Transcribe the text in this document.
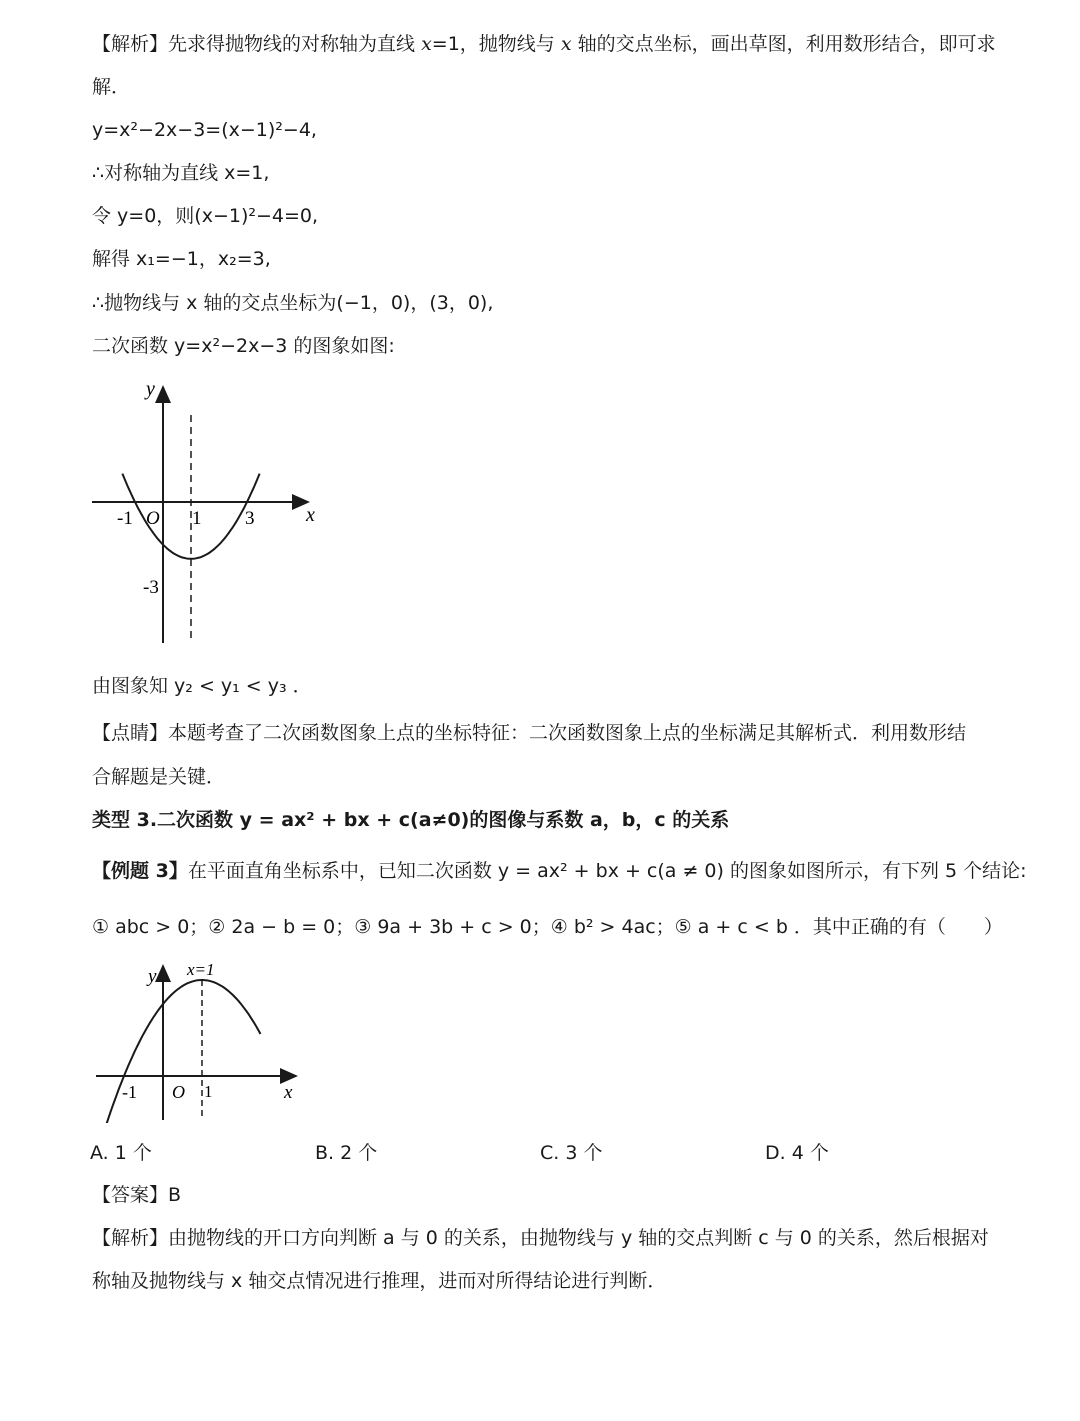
【解析】先求得抛物线的对称轴为直线 x=1，抛物线与 x 轴的交点坐标，画出草图，利用数形结合，即可求
解．
y=x²−2x−3=(x−1)²−4,
∴对称轴为直线 x=1,
令 y=0，则(x−1)²−4=0,
解得 x₁=−1，x₂=3,
∴抛物线与 x 轴的交点坐标为(−1，0)，(3，0),
二次函数 y=x²−2x−3 的图象如图:
y
x
-1 O 1 3
-3
由图象知 y₂ < y₁ < y₃ ．
【点睛】本题考查了二次函数图象上点的坐标特征：二次函数图象上点的坐标满足其解析式．利用数形结
合解题是关键．
类型 3.二次函数 y = ax² + bx + c(a≠0)的图像与系数 a，b，c 的关系
【例题 3】在平面直角坐标系中，已知二次函数 y = ax² + bx + c(a ≠ 0) 的图象如图所示，有下列 5 个结论:
① abc > 0；② 2a − b = 0；③ 9a + 3b + c > 0；④ b² > 4ac；⑤ a + c < b ．其中正确的有（　　）
y x=1
x
-1 O 1
A. 1 个	B. 2 个	C. 3 个	D. 4 个
【答案】B
【解析】由抛物线的开口方向判断 a 与 0 的关系，由抛物线与 y 轴的交点判断 c 与 0 的关系，然后根据对
称轴及抛物线与 x 轴交点情况进行推理，进而对所得结论进行判断．
